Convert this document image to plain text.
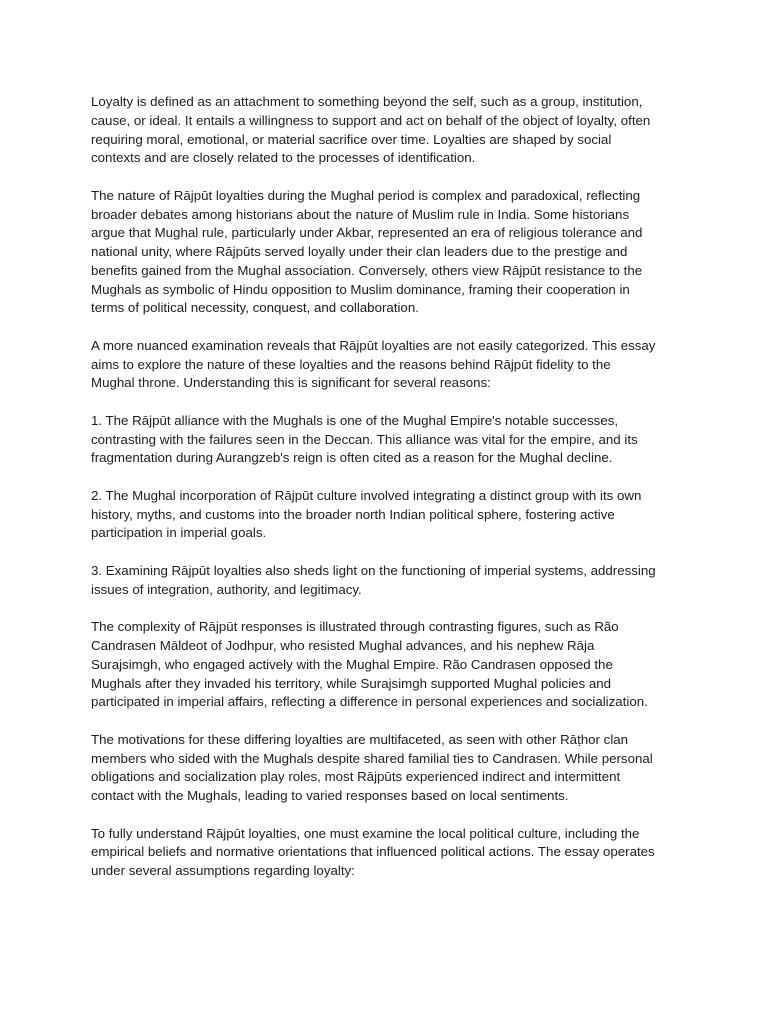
Loyalty is defined as an attachment to something beyond the self, such as a group, institution,
cause, or ideal. It entails a willingness to support and act on behalf of the object of loyalty, often
requiring moral, emotional, or material sacrifice over time. Loyalties are shaped by social
contexts and are closely related to the processes of identification.

The nature of Rājpūt loyalties during the Mughal period is complex and paradoxical, reflecting
broader debates among historians about the nature of Muslim rule in India. Some historians
argue that Mughal rule, particularly under Akbar, represented an era of religious tolerance and
national unity, where Rājpūts served loyally under their clan leaders due to the prestige and
benefits gained from the Mughal association. Conversely, others view Rājpūt resistance to the
Mughals as symbolic of Hindu opposition to Muslim dominance, framing their cooperation in
terms of political necessity, conquest, and collaboration.

A more nuanced examination reveals that Rājpūt loyalties are not easily categorized. This essay
aims to explore the nature of these loyalties and the reasons behind Rājpūt fidelity to the
Mughal throne. Understanding this is significant for several reasons:

1. The Rājpūt alliance with the Mughals is one of the Mughal Empire's notable successes,
contrasting with the failures seen in the Deccan. This alliance was vital for the empire, and its
fragmentation during Aurangzeb's reign is often cited as a reason for the Mughal decline.

2. The Mughal incorporation of Rājpūt culture involved integrating a distinct group with its own
history, myths, and customs into the broader north Indian political sphere, fostering active
participation in imperial goals.

3. Examining Rājpūt loyalties also sheds light on the functioning of imperial systems, addressing
issues of integration, authority, and legitimacy.

The complexity of Rājpūt responses is illustrated through contrasting figures, such as Rão
Candrasen Māldeot of Jodhpur, who resisted Mughal advances, and his nephew Rāja
Surajsimgh, who engaged actively with the Mughal Empire. Rão Candrasen opposed the
Mughals after they invaded his territory, while Surajsimgh supported Mughal policies and
participated in imperial affairs, reflecting a difference in personal experiences and socialization.

The motivations for these differing loyalties are multifaceted, as seen with other Rāṭhor clan
members who sided with the Mughals despite shared familial ties to Candrasen. While personal
obligations and socialization play roles, most Rājpūts experienced indirect and intermittent
contact with the Mughals, leading to varied responses based on local sentiments.

To fully understand Rājpūt loyalties, one must examine the local political culture, including the
empirical beliefs and normative orientations that influenced political actions. The essay operates
under several assumptions regarding loyalty:
